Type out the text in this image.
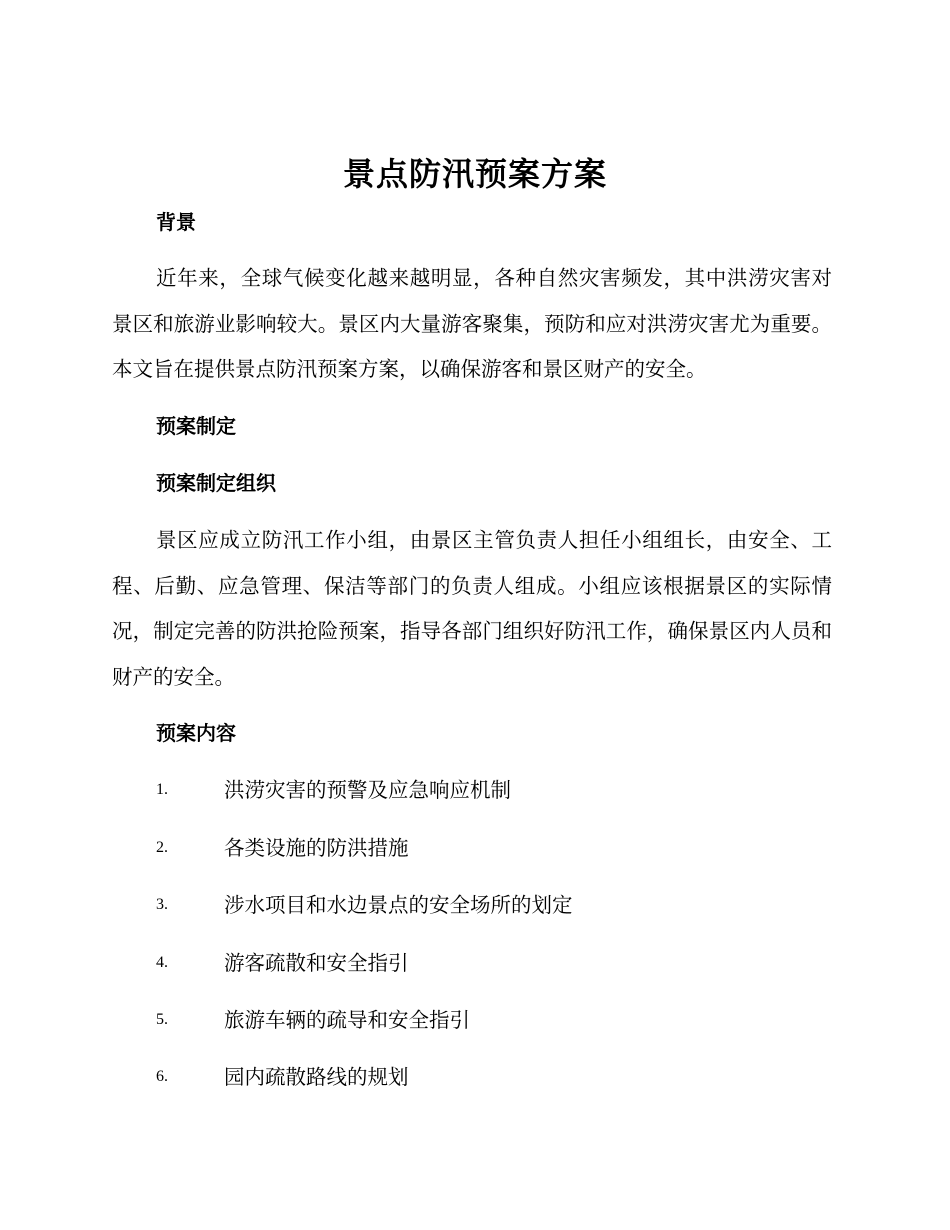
景点防汛预案方案
背景
近年来，全球气候变化越来越明显，各种自然灾害频发，其中洪涝灾害对景区和旅游业影响较大。景区内大量游客聚集，预防和应对洪涝灾害尤为重要。本文旨在提供景点防汛预案方案，以确保游客和景区财产的安全。
预案制定
预案制定组织
景区应成立防汛工作小组，由景区主管负责人担任小组组长，由安全、工程、后勤、应急管理、保洁等部门的负责人组成。小组应该根据景区的实际情况，制定完善的防洪抢险预案，指导各部门组织好防汛工作，确保景区内人员和财产的安全。
预案内容
1.	洪涝灾害的预警及应急响应机制
2.	各类设施的防洪措施
3.	涉水项目和水边景点的安全场所的划定
4.	游客疏散和安全指引
5.	旅游车辆的疏导和安全指引
6.	园内疏散路线的规划
